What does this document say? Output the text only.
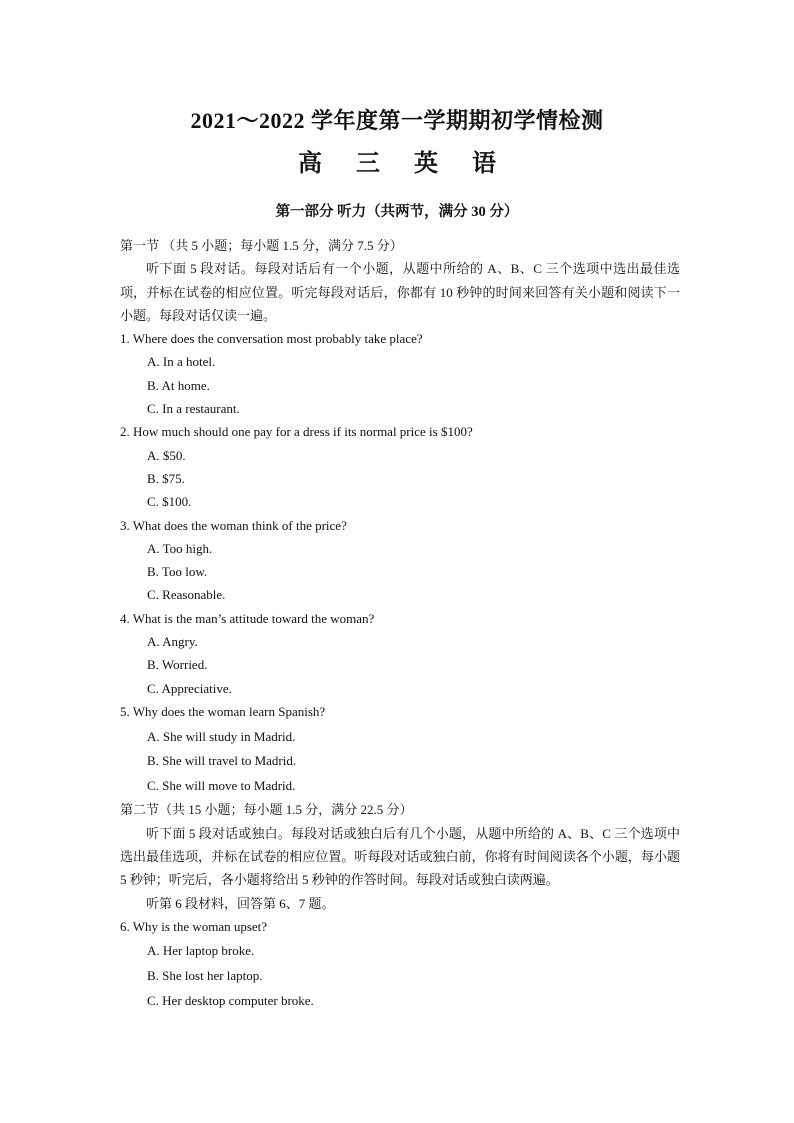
2021～2022 学年度第一学期期初学情检测
高 三 英 语
第一部分 听力（共两节，满分 30 分）
第一节 （共 5 小题；每小题 1.5 分，满分 7.5 分）
听下面 5 段对话。每段对话后有一个小题，从题中所给的 A、B、C 三个选项中选出最佳选项，并标在试卷的相应位置。听完每段对话后，你都有 10 秒钟的时间来回答有关小题和阅读下一小题。每段对话仅读一遍。
1. Where does the conversation most probably take place?
A. In a hotel.
B. At home.
C. In a restaurant.
2. How much should one pay for a dress if its normal price is $100?
A. $50.
B. $75.
C. $100.
3. What does the woman think of the price?
A. Too high.
B. Too low.
C. Reasonable.
4. What is the man’s attitude toward the woman?
A. Angry.
B. Worried.
C. Appreciative.
5. Why does the woman learn Spanish?
A. She will study in Madrid.
B. She will travel to Madrid.
C. She will move to Madrid.
第二节（共 15 小题；每小题 1.5 分，满分 22.5 分）
听下面 5 段对话或独白。每段对话或独白后有几个小题，从题中所给的 A、B、C 三个选项中选出最佳选项，并标在试卷的相应位置。听每段对话或独白前，你将有时间阅读各个小题，每小题 5 秒钟；听完后，各小题将给出 5 秒钟的作答时间。每段对话或独白读两遍。
听第 6 段材料，回答第 6、7 题。
6. Why is the woman upset?
A. Her laptop broke.
B. She lost her laptop.
C. Her desktop computer broke.
